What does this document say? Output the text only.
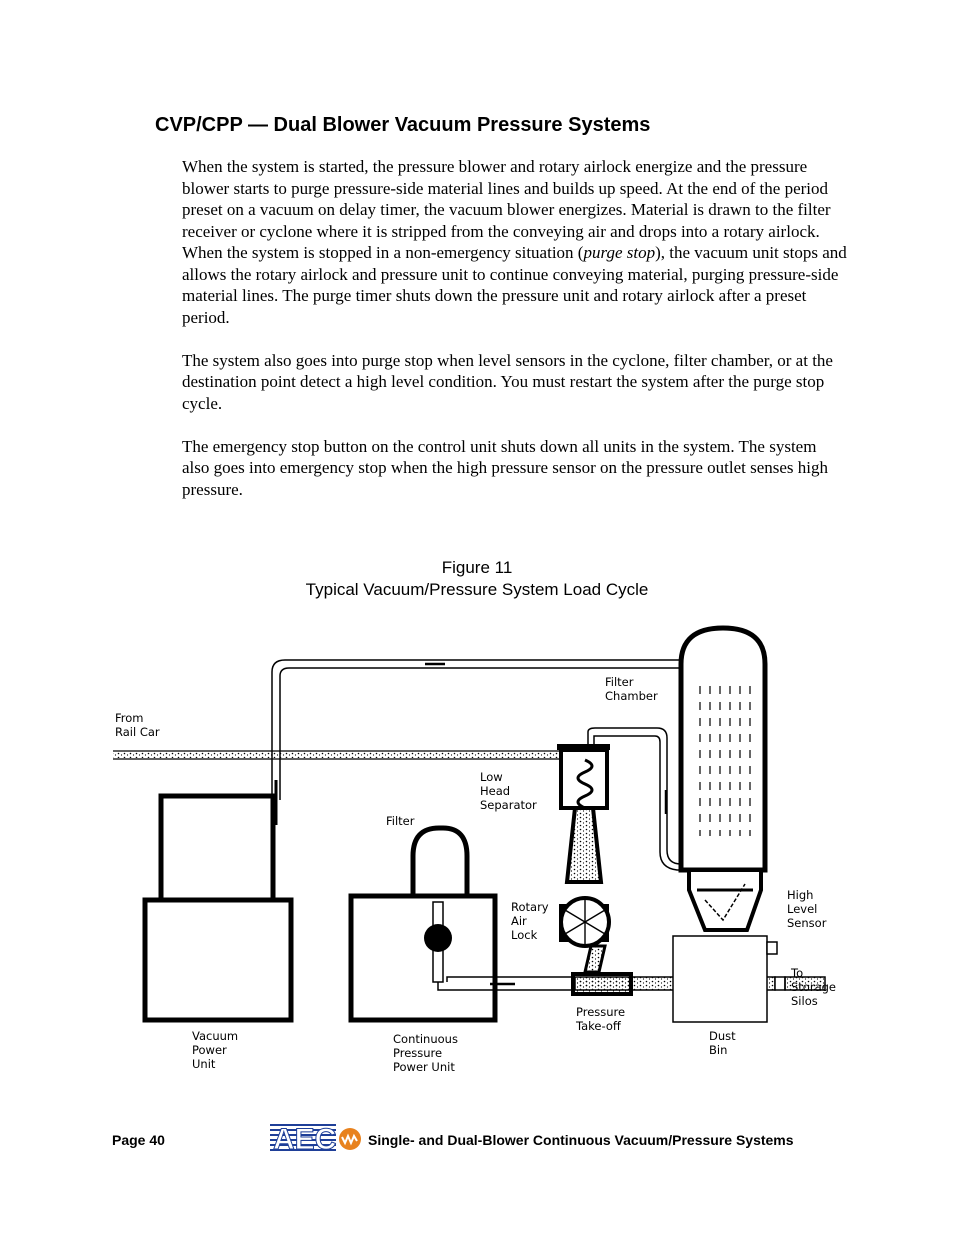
CVP/CPP — Dual Blower Vacuum Pressure Systems

When the system is started, the pressure blower and rotary airlock energize and the pressure blower starts to purge pressure-side material lines and builds up speed. At the end of the period preset on a vacuum on delay timer, the vacuum blower energizes. Material is drawn to the filter receiver or cyclone where it is stripped from the conveying air and drops into a rotary airlock.

When the system is stopped in a non-emergency situation (purge stop), the vacuum unit stops and allows the rotary airlock and pressure unit to continue conveying material, purging pressure-side material lines. The purge timer shuts down the pressure unit and rotary airlock after a preset period.

The system also goes into purge stop when level sensors in the cyclone, filter chamber, or at the destination point detect a high level condition. You must restart the system after the purge stop cycle.

The emergency stop button on the control unit shuts down all units in the system. The system also goes into emergency stop when the high pressure sensor on the pressure outlet senses high pressure.

Figure 11
Typical Vacuum/Pressure System Load Cycle
From
Rail Car
Filter
Chamber
Low
Head
Separator
Filter
Rotary
Air
Lock
High
Level
Sensor
To
Storage
Silos
Pressure
Take-off
Vacuum
Power
Unit
Continuous
Pressure
Power Unit
Dust
Bin
Page 40	AEC Single- and Dual-Blower Continuous Vacuum/Pressure Systems
